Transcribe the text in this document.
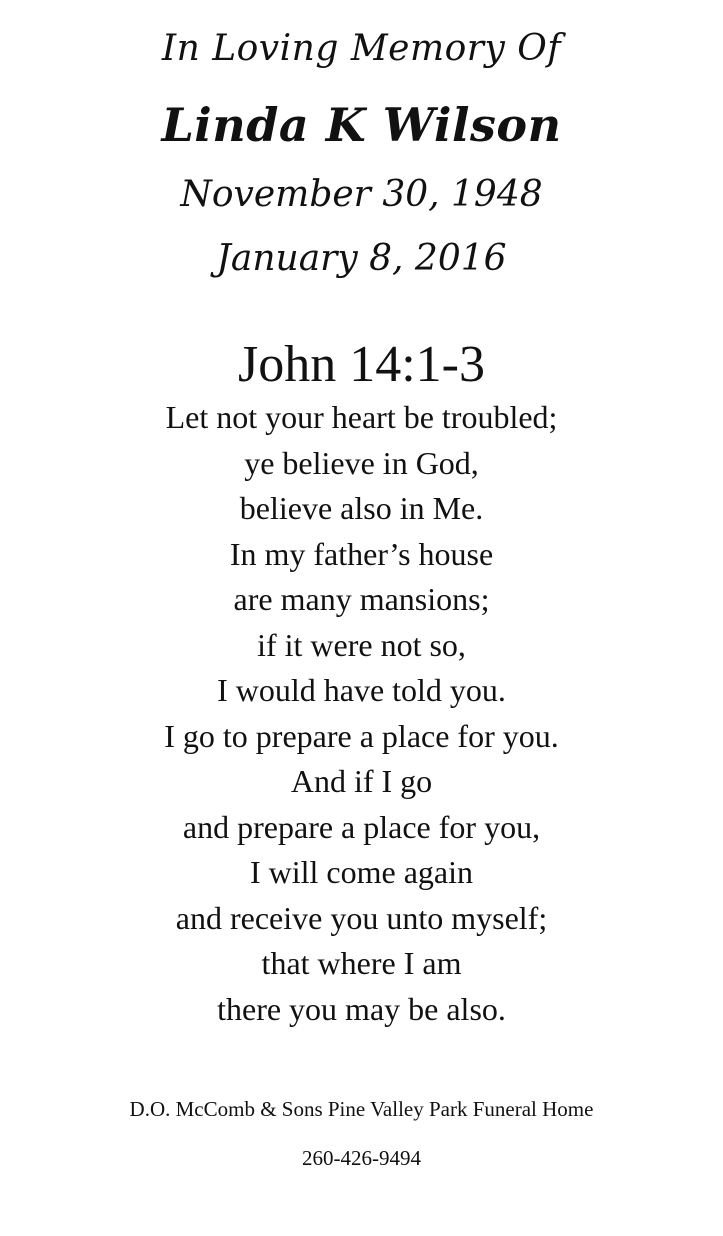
In Loving Memory Of
Linda K Wilson
November 30, 1948
January 8, 2016
John 14:1-3
Let not your heart be troubled;
ye believe in God,
believe also in Me.
In my father’s house
are many mansions;
if it were not so,
I would have told you.
I go to prepare a place for you.
And if I go
and prepare a place for you,
I will come again
and receive you unto myself;
that where I am
there you may be also.
D.O. McComb & Sons Pine Valley Park Funeral Home
260-426-9494
